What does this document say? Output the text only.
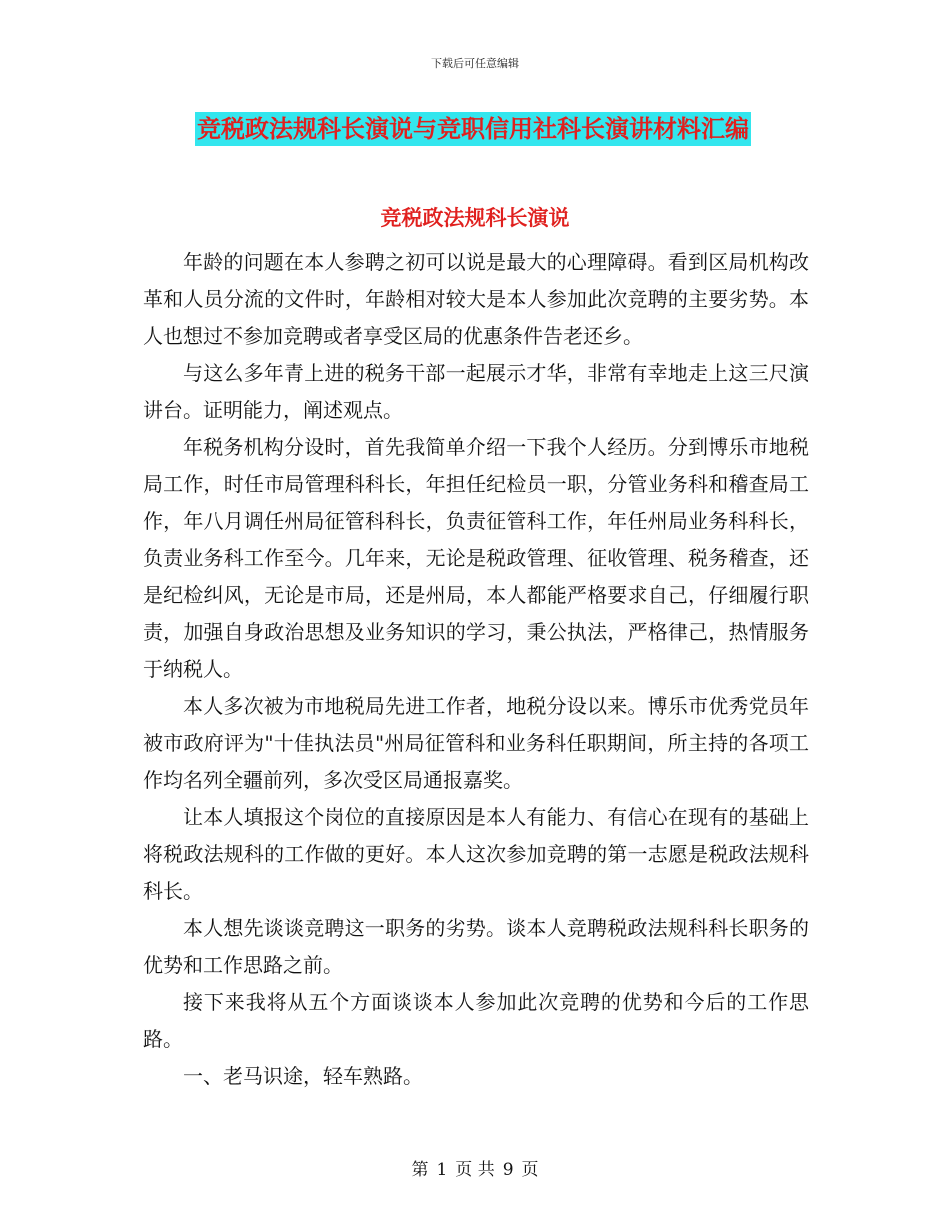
下载后可任意编辑
竞税政法规科长演说与竞职信用社科长演讲材料汇编
竞税政法规科长演说

年龄的问题在本人参聘之初可以说是最大的心理障碍。看到区局机构改革和人员分流的文件时，年龄相对较大是本人参加此次竞聘的主要劣势。本人也想过不参加竞聘或者享受区局的优惠条件告老还乡。

与这么多年青上进的税务干部一起展示才华，非常有幸地走上这三尺演讲台。证明能力，阐述观点。

年税务机构分设时，首先我简单介绍一下我个人经历。分到博乐市地税局工作，时任市局管理科科长，年担任纪检员一职，分管业务科和稽查局工作，年八月调任州局征管科科长，负责征管科工作，年任州局业务科科长，负责业务科工作至今。几年来，无论是税政管理、征收管理、税务稽查，还是纪检纠风，无论是市局，还是州局，本人都能严格要求自己，仔细履行职责，加强自身政治思想及业务知识的学习，秉公执法，严格律己，热情服务于纳税人。

本人多次被为市地税局先进工作者，地税分设以来。博乐市优秀党员年被市政府评为"十佳执法员"州局征管科和业务科任职期间，所主持的各项工作均名列全疆前列，多次受区局通报嘉奖。

让本人填报这个岗位的直接原因是本人有能力、有信心在现有的基础上将税政法规科的工作做的更好。本人这次参加竞聘的第一志愿是税政法规科科长。

本人想先谈谈竞聘这一职务的劣势。谈本人竞聘税政法规科科长职务的优势和工作思路之前。

接下来我将从五个方面谈谈本人参加此次竞聘的优势和今后的工作思路。

一、老马识途，轻车熟路。

第 1 页 共 9 页
